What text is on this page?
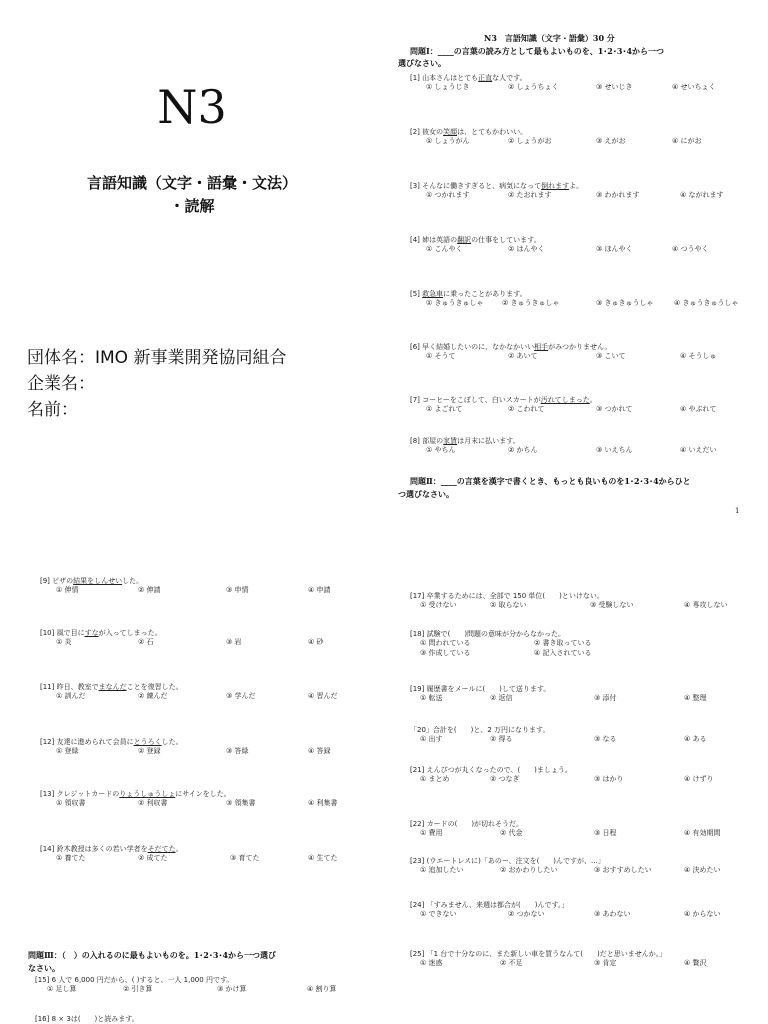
N3
言語知識（文字・語彙・文法）
・読解
団体名：IMO 新事業開発協同組合
企業名：
名前：
N3　言語知識（文字・語彙）30 分
問題Ⅰ：____の言葉の読み方として最もよいものを、1･2･3･4から一つ
選びなさい。
[1] 山本さんはとても正直な人です。
① しょうじき	② しょうちょく	③ せいじき	④ せいちょく
[2] 彼女の笑顔は、とてもかわいい。
① しょうがん	② しょうがお	③ えがお	④ にがお
[3] そんなに働きすぎると、病気になって倒れますよ。
① つかれます	② たおれます	③ わかれます	④ ながれます
[4] 姉は英語の翻訳の仕事をしています。
① こんやく	② はんやく	③ ほんやく	④ つうやく
[5] 救急車に乗ったことがあります。
① きゅうきゅしゃ	② きゅうきゅしゃ	③ きゅきゅうしゃ	④ きゅうきゅうしゃ
[6] 早く結婚したいのに、なかなかいい相手がみつかりません。
① そうて	② あいて	③ こいて	④ そうしゅ
[7] コーヒーをこぼして、白いスカートが汚れてしまった。
① よごれて	② こわれて	③ つかれて	④ やぶれて
[8] 部屋の家賃は月末に払います。
① やちん	② かちん	③ いえちん	④ いえだい
問題Ⅱ：____の言葉を漢字で書くとき、もっとも良いものを1･2･3･4からひと
つ選びなさい。
1
[9] ピザの結果をしんせいした。
① 伸情	② 伸請	③ 申情	④ 申請
[10] 風で目にすなが入ってしまった。
① 炎	② 石	③ 岩	④ 砂
[11] 昨日、教室でまなんだことを復習した。
① 訓んだ	② 練んだ	③ 学んだ	④ 習んだ
[12] 友達に進められて会員にとうろくした。
① 登緑	② 登録	③ 答緑	④ 答録
[13] クレジットカードのりょうしゅうしょにサインをした。
① 領収書	② 利収書	③ 領集書	④ 利集書
[14] 鈴木教授は多くの若い学者をそだてた。
① 養てた	② 成てた	③ 育てた	④ 生てた
問題Ⅲ：（　）の入れるのに最もよいものを。1･2･3･4から一つ選び
なさい。
[15] 6 人で 6,000 円だから、( )すると、一人 1,000 円です。
① 足し算	② 引き算	③ かけ算	④ 割り算
[16] 8 × 3は(　　)と読みます。
[17] 卒業するためには、全部で 150 単位(　　)といけない。
① 受けない	② 取らない	③ 受験しない	④ 専攻しない
[18] 試験で(　　)問題の意味が分からなかった。
① 問われている	② 書き取っている
③ 作成している	④ 記入されている
[19] 履歴書をメールに(　　)して送ります。
① 転送	② 返信	③ 添付	④ 整理
「20」合計を(　　)と、2 万円になります。
① 出す	② 得る	③ なる	④ ある
[21] えんぴつが丸くなったので、(　　)ましょう。
① まとめ	② つなぎ	③ はかり	④ けずり
[22] カードの(　　)が切れそうだ。
① 費用	② 代金	③ 日程	④ 有効期間
[23] (ウエートレスに)「あのー、注文を(　　)んですが、...」
① 追加したい	② おかわりしたい	③ おすすめしたい	④ 決めたい
[24] 「すみません、来週は都合が(　　)んです。」
① できない	② つかない	③ あわない	④ からない
[25] 「1 台で十分なのに、また新しい車を買うなんて(　　)だと思いませんか。」
① 迷惑	② 不足	③ 肯定	④ 贅沢
